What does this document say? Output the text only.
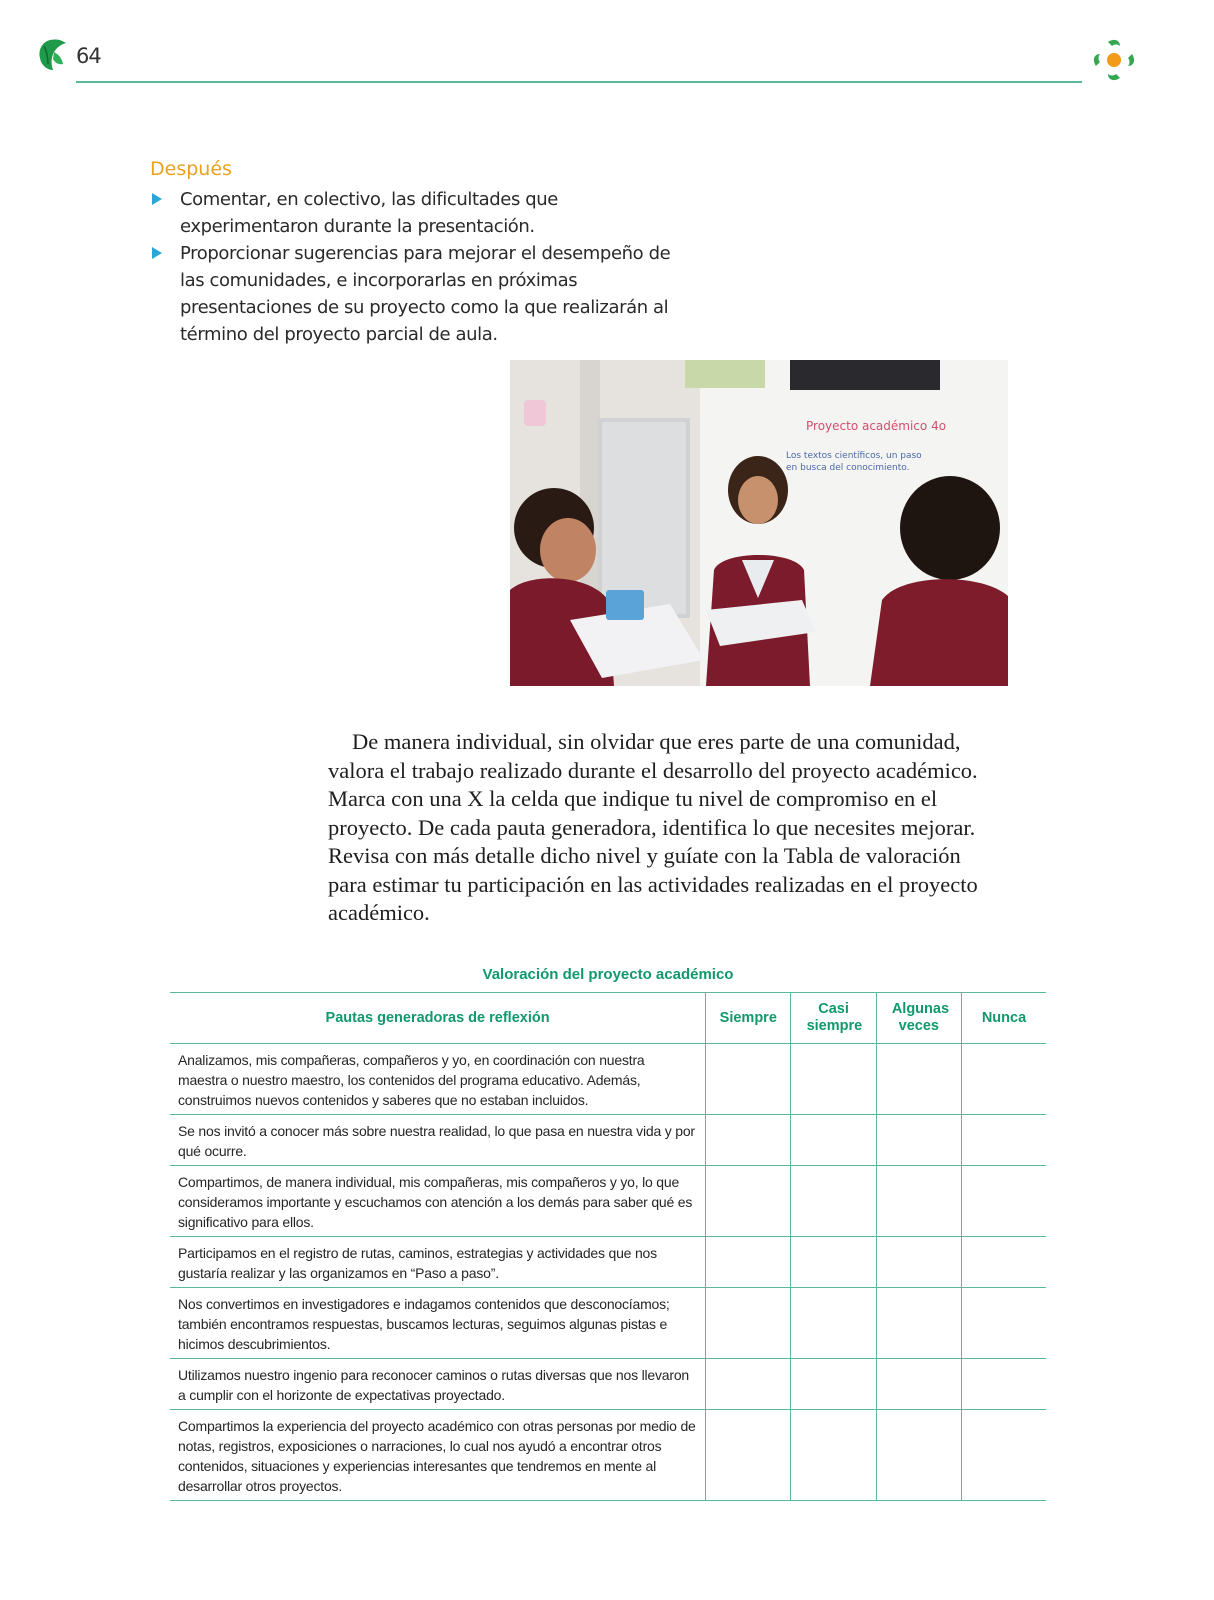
64
Después
Comentar, en colectivo, las dificultades que experimentaron durante la presentación.
Proporcionar sugerencias para mejorar el desempeño de las comunidades, e incorporarlas en próximas presentaciones de su proyecto como la que realizarán al término del proyecto parcial de aula.
Proyecto académico 4o
Los textos científicos, un paso
en busca del conocimiento.

De manera individual, sin olvidar que eres parte de una comunidad, valora el trabajo realizado durante el desarrollo del proyecto académico. Marca con una X la celda que indique tu nivel de compromiso en el proyecto. De cada pauta generadora, identifica lo que necesites mejorar. Revisa con más detalle dicho nivel y guíate con la Tabla de valoración para estimar tu participación en las actividades realizadas en el proyecto académico.

Valoración del proyecto académico
Pautas generadoras de reflexión	Siempre	Casi siempre	Algunas veces	Nunca
Analizamos, mis compañeras, compañeros y yo, en coordinación con nuestra maestra o nuestro maestro, los contenidos del programa educativo. Además, construimos nuevos contenidos y saberes que no estaban incluidos.				
Se nos invitó a conocer más sobre nuestra realidad, lo que pasa en nuestra vida y por qué ocurre.				
Compartimos, de manera individual, mis compañeras, mis compañeros y yo, lo que consideramos importante y escuchamos con atención a los demás para saber qué es significativo para ellos.				
Participamos en el registro de rutas, caminos, estrategias y actividades que nos gustaría realizar y las organizamos en “Paso a paso”.				
Nos convertimos en investigadores e indagamos contenidos que desconocíamos; también encontramos respuestas, buscamos lecturas, seguimos algunas pistas e hicimos descubrimientos.				
Utilizamos nuestro ingenio para reconocer caminos o rutas diversas que nos llevaron a cumplir con el horizonte de expectativas proyectado.				
Compartimos la experiencia del proyecto académico con otras personas por medio de notas, registros, exposiciones o narraciones, lo cual nos ayudó a encontrar otros contenidos, situaciones y experiencias interesantes que tendremos en mente al desarrollar otros proyectos.				
